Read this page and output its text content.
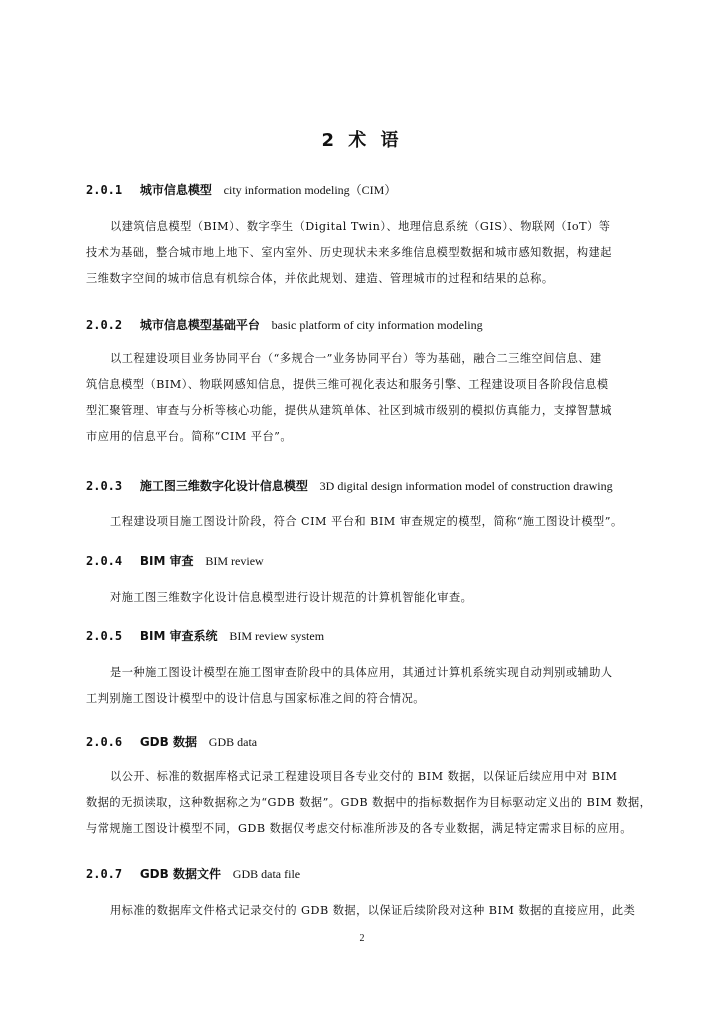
2 术 语
2.0.1 城市信息模型 city information modeling（CIM）
以建筑信息模型（BIM）、数字孪生（Digital Twin）、地理信息系统（GIS）、物联网（IoT）等
技术为基础，整合城市地上地下、室内室外、历史现状未来多维信息模型数据和城市感知数据，构建起
三维数字空间的城市信息有机综合体，并依此规划、建造、管理城市的过程和结果的总称。
2.0.2 城市信息模型基础平台 basic platform of city information modeling
以工程建设项目业务协同平台（“多规合一”业务协同平台）等为基础，融合二三维空间信息、建
筑信息模型（BIM）、物联网感知信息，提供三维可视化表达和服务引擎、工程建设项目各阶段信息模
型汇聚管理、审查与分析等核心功能，提供从建筑单体、社区到城市级别的模拟仿真能力，支撑智慧城
市应用的信息平台。简称“CIM 平台”。
2.0.3 施工图三维数字化设计信息模型 3D digital design information model of construction drawing
工程建设项目施工图设计阶段，符合 CIM 平台和 BIM 审查规定的模型，简称“施工图设计模型”。
2.0.4 BIM 审查 BIM review
对施工图三维数字化设计信息模型进行设计规范的计算机智能化审查。
2.0.5 BIM 审查系统 BIM review system
是一种施工图设计模型在施工图审查阶段中的具体应用，其通过计算机系统实现自动判别或辅助人
工判别施工图设计模型中的设计信息与国家标准之间的符合情况。
2.0.6 GDB 数据 GDB data
以公开、标准的数据库格式记录工程建设项目各专业交付的 BIM 数据，以保证后续应用中对 BIM
数据的无损读取，这种数据称之为“GDB 数据”。GDB 数据中的指标数据作为目标驱动定义出的 BIM 数据，
与常规施工图设计模型不同，GDB 数据仅考虑交付标准所涉及的各专业数据，满足特定需求目标的应用。
2.0.7 GDB 数据文件 GDB data file
用标准的数据库文件格式记录交付的 GDB 数据，以保证后续阶段对这种 BIM 数据的直接应用，此类
2
